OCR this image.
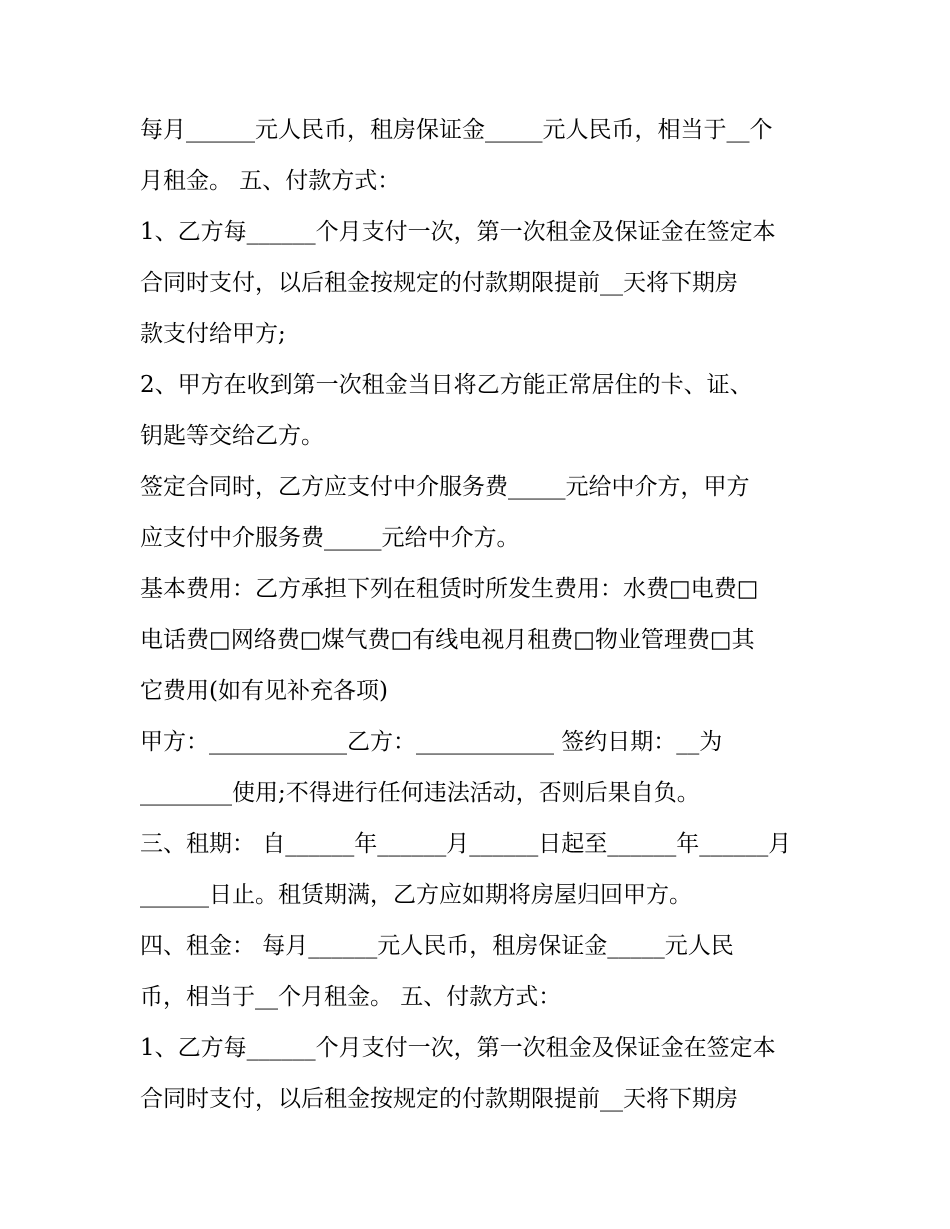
每月______元人民币，租房保证金_____元人民币，相当于__个
月租金。 五、付款方式：
1、乙方每______个月支付一次，第一次租金及保证金在签定本
合同时支付，以后租金按规定的付款期限提前__天将下期房
款支付给甲方;
2、甲方在收到第一次租金当日将乙方能正常居住的卡、证、
钥匙等交给乙方。
签定合同时，乙方应支付中介服务费_____元给中介方，甲方
应支付中介服务费_____元给中介方。
基本费用：乙方承担下列在租赁时所发生费用：水费□电费□
电话费□网络费□煤气费□有线电视月租费□物业管理费□其
它费用(如有见补充各项)
甲方：____________乙方：____________ 签约日期：__为
________使用;不得进行任何违法活动，否则后果自负。
三、租期： 自______年______月______日起至______年______月
______日止。租赁期满，乙方应如期将房屋归回甲方。
四、租金： 每月______元人民币，租房保证金_____元人民
币，相当于__个月租金。 五、付款方式：
1、乙方每______个月支付一次，第一次租金及保证金在签定本
合同时支付，以后租金按规定的付款期限提前__天将下期房
